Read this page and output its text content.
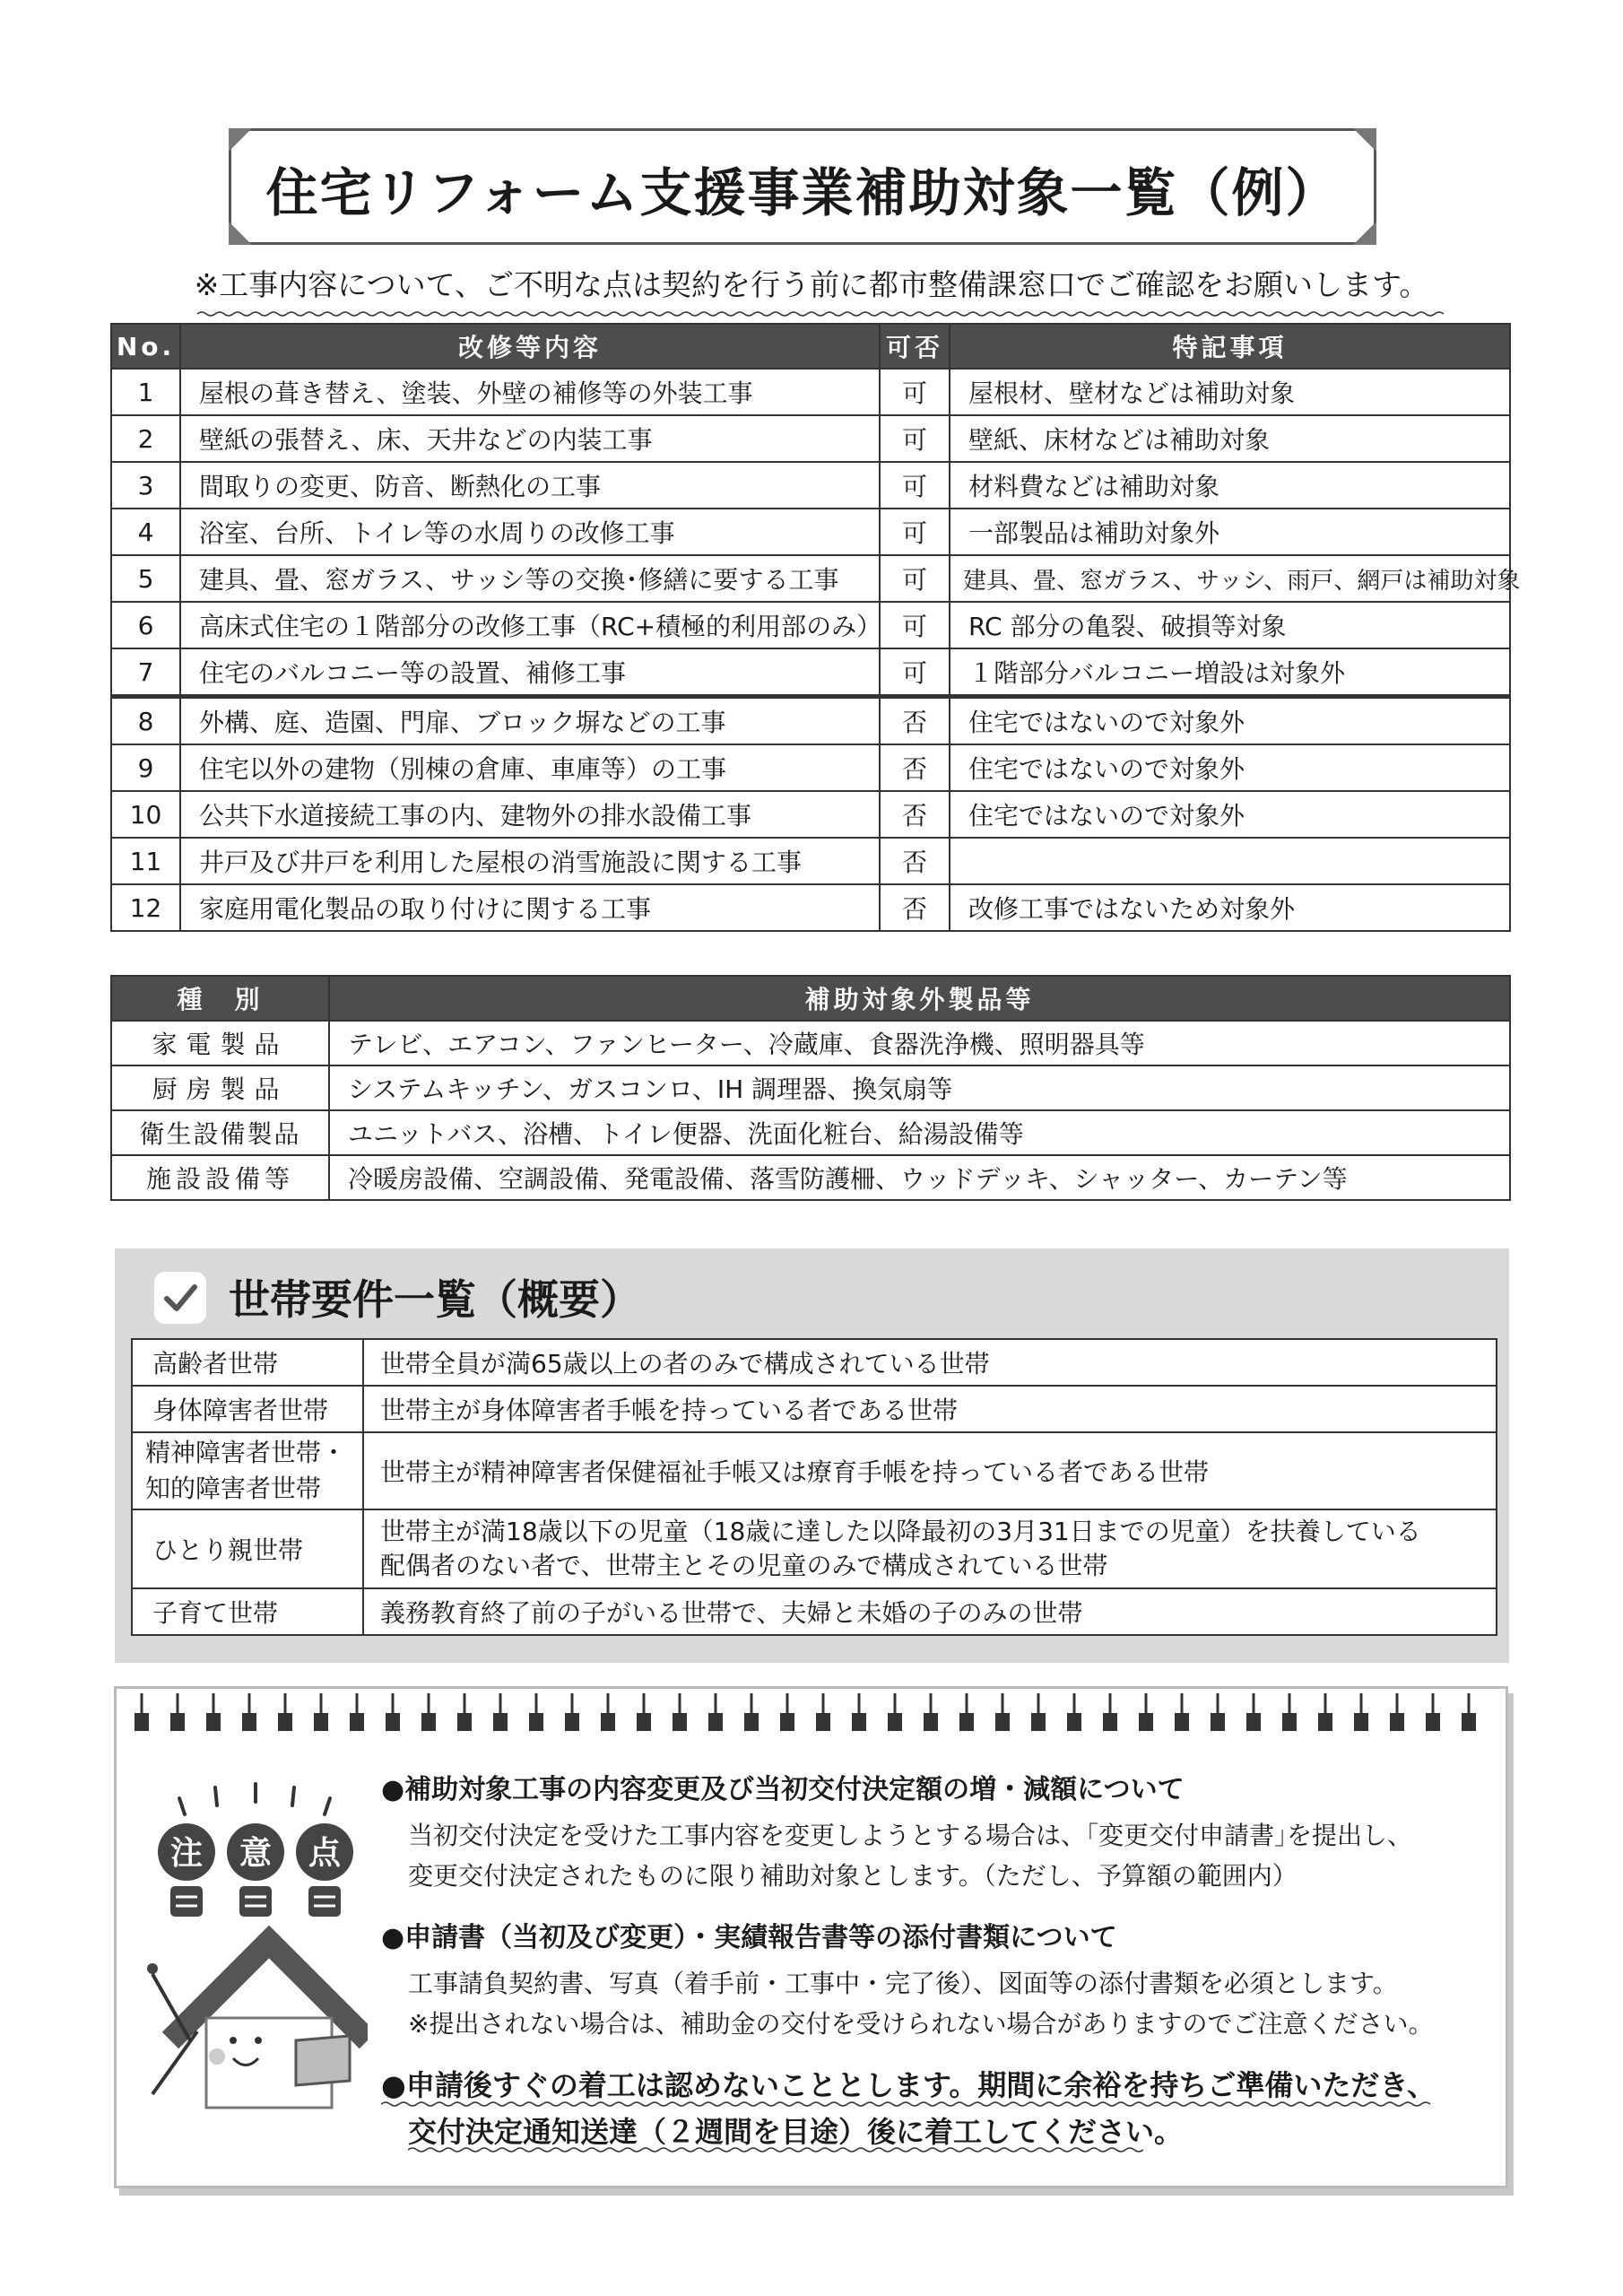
住宅リフォーム支援事業補助対象一覧（例）
※工事内容について、ご不明な点は契約を行う前に都市整備課窓口でご確認をお願いします。
No.	改修等内容	可否	特記事項
1	屋根の葺き替え、塗装、外壁の補修等の外装工事	可	屋根材、壁材などは補助対象
2	壁紙の張替え、床、天井などの内装工事	可	壁紙、床材などは補助対象
3	間取りの変更、防音、断熱化の工事	可	材料費などは補助対象
4	浴室、台所、トイレ等の水周りの改修工事	可	一部製品は補助対象外
5	建具、畳、窓ガラス、サッシ等の交換･修繕に要する工事	可	建具、畳、窓ガラス、サッシ、雨戸、網戸は補助対象
6	高床式住宅の１階部分の改修工事（RC+積極的利用部のみ）	可	RC 部分の亀裂、破損等対象
7	住宅のバルコニー等の設置、補修工事	可	１階部分バルコニー増設は対象外
8	外構、庭、造園、門扉、ブロック塀などの工事	否	住宅ではないので対象外
9	住宅以外の建物（別棟の倉庫、車庫等）の工事	否	住宅ではないので対象外
10	公共下水道接続工事の内、建物外の排水設備工事	否	住宅ではないので対象外
11	井戸及び井戸を利用した屋根の消雪施設に関する工事	否	
12	家庭用電化製品の取り付けに関する工事	否	改修工事ではないため対象外
種　別	補助対象外製品等
家電製品	テレビ、エアコン、ファンヒーター、冷蔵庫、食器洗浄機、照明器具等
厨房製品	システムキッチン、ガスコンロ、IH 調理器、換気扇等
衛生設備製品	ユニットバス、浴槽、トイレ便器、洗面化粧台、給湯設備等
施設設備等	冷暖房設備、空調設備、発電設備、落雪防護柵、ウッドデッキ、シャッター、カーテン等
世帯要件一覧（概要）
高齢者世帯	世帯全員が満65歳以上の者のみで構成されている世帯
身体障害者世帯	世帯主が身体障害者手帳を持っている者である世帯

精神障害者世帯・
知的障害者世帯	世帯主が精神障害者保健福祉手帳又は療育手帳を持っている者である世帯
ひとり親世帯	世帯主が満18歳以下の児童（18歳に達した以降最初の3月31日までの児童）を扶養している
配偶者のない者で、世帯主とその児童のみで構成されている世帯

子育て世帯	義務教育終了前の子がいる世帯で、夫婦と未婚の子のみの世帯
注 意 点
●補助対象工事の内容変更及び当初交付決定額の増・減額について
当初交付決定を受けた工事内容を変更しようとする場合は、｢変更交付申請書｣を提出し、
変更交付決定されたものに限り補助対象とします。（ただし、予算額の範囲内）
●申請書（当初及び変更）・実績報告書等の添付書類について
工事請負契約書、写真（着手前・工事中・完了後）、図面等の添付書類を必須とします。
※提出されない場合は、補助金の交付を受けられない場合がありますのでご注意ください。
●申請後すぐの着工は認めないこととします。期間に余裕を持ちご準備いただき、
交付決定通知送達（２週間を目途）後に着工してください。
